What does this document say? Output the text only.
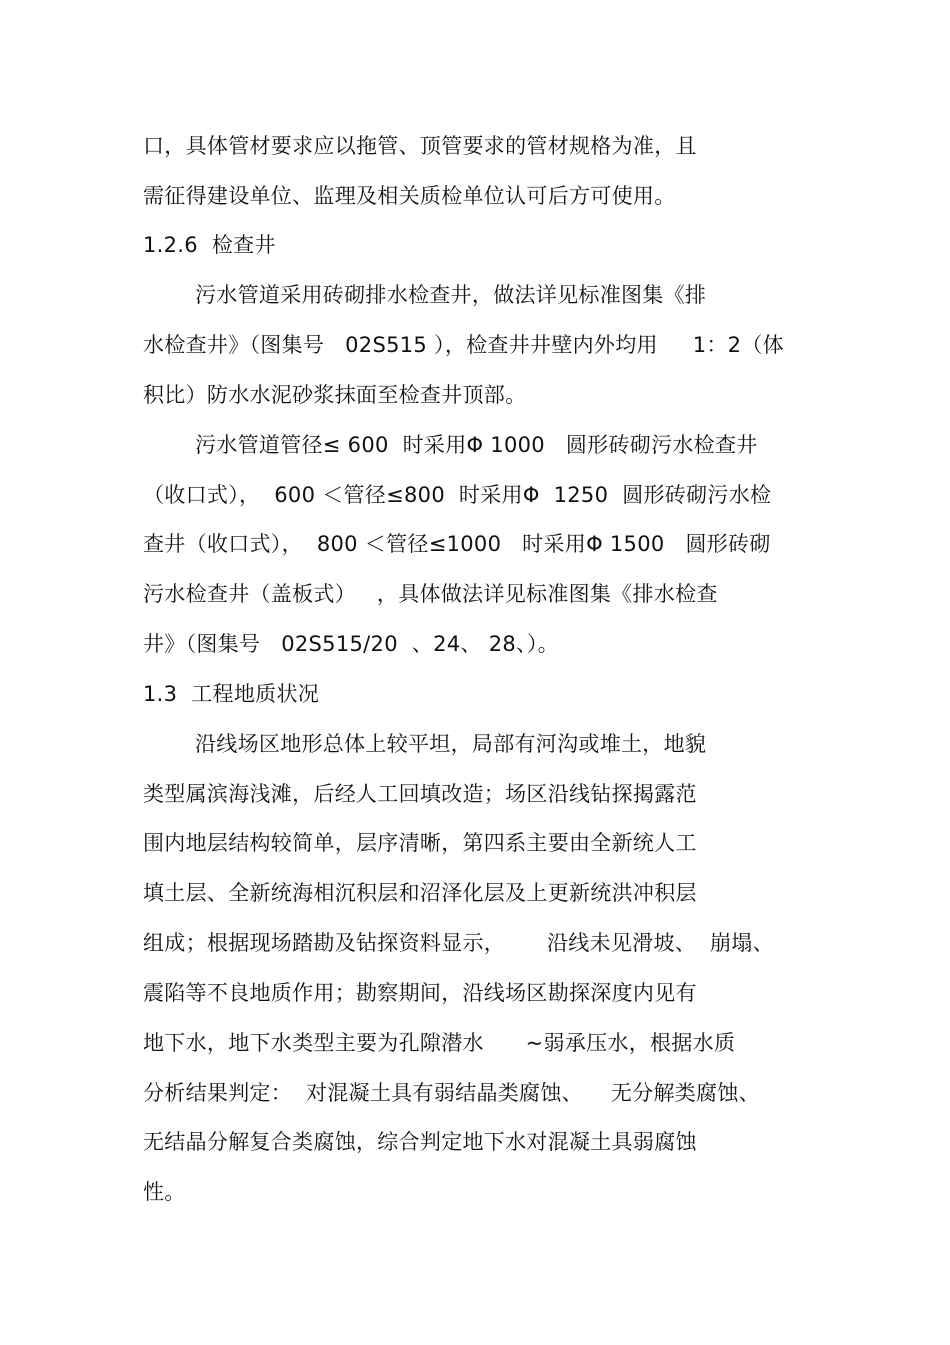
口，具体管材要求应以拖管、顶管要求的管材规格为准，且
需征得建设单位、监理及相关质检单位认可后方可使用。
1.2.6  检查井
污水管道采用砖砌排水检查井，做法详见标准图集《排
水检查井》（图集号   02S515 ），检查井井壁内外均用     1：2（体
积比）防水水泥砂浆抹面至检查井顶部。
污水管道管径≤ 600  时采用Φ 1000   圆形砖砌污水检查井
（收口式），  600 ＜管径≤800  时采用Φ  1250  圆形砖砌污水检
查井（收口式），  800 ＜管径≤1000   时采用Φ 1500   圆形砖砌
污水检查井（盖板式）   ，具体做法详见标准图集《排水检查
井》（图集号   02S515/20  、24、 28、）。
1.3  工程地质状况
沿线场区地形总体上较平坦，局部有河沟或堆土，地貌
类型属滨海浅滩，后经人工回填改造；场区沿线钻探揭露范
围内地层结构较简单，层序清晰，第四系主要由全新统人工
填土层、全新统海相沉积层和沼泽化层及上更新统洪冲积层
组成；根据现场踏勘及钻探资料显示，      沿线未见滑坡、  崩塌、
震陷等不良地质作用；勘察期间，沿线场区勘探深度内见有
地下水，地下水类型主要为孔隙潜水      ~弱承压水，根据水质
分析结果判定：  对混凝土具有弱结晶类腐蚀、    无分解类腐蚀、
无结晶分解复合类腐蚀，综合判定地下水对混凝土具弱腐蚀
性。
